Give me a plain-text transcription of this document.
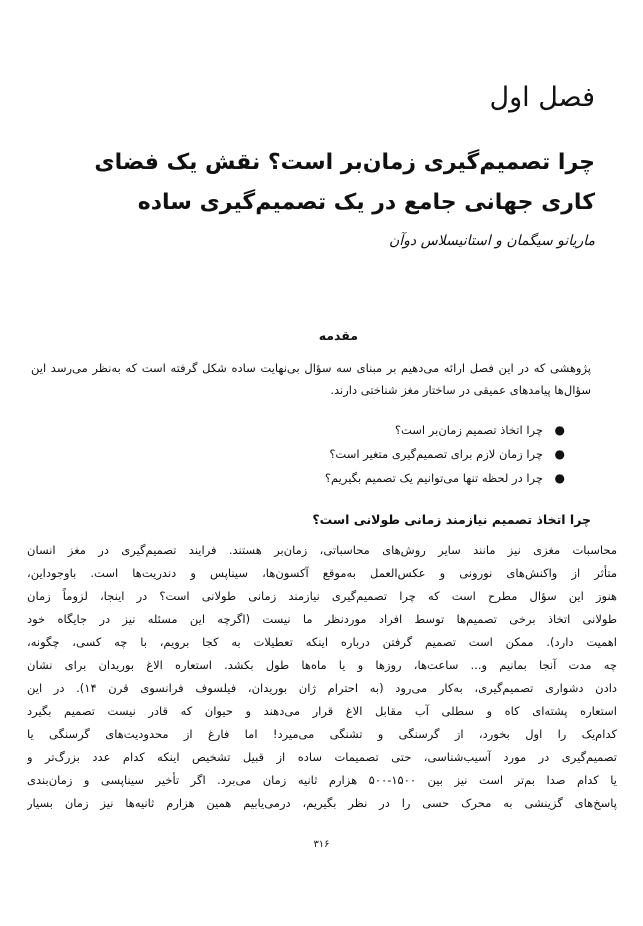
فصل اول
چرا تصمیم‌گیری زمان‌بر است؟ نقش یک فضای کاری جهانی جامع در یک تصمیم‌گیری ساده
ماریانو سیگمان و استانیسلاس دوآن
مقدمه
پژوهشی که در این فصل ارائه می‌دهیم بر مبنای سه سؤال بی‌نهایت ساده شکل گرفته است که به‌نظر می‌رسد این سؤال‌ها پیامدهای عمیقی در ساختار مغز شناختی دارند.
●
چرا اتخاذ تصمیم زمان‌بر است؟
●
چرا زمان لازم برای تصمیم‌گیری متغیر است؟
●
چرا در لحظه تنها می‌توانیم یک تصمیم بگیریم؟
چرا اتخاذ تصمیم نیازمند زمانی طولانی است؟
محاسبات مغزی نیز مانند سایر روش‌های محاسباتی، زمان‌بر هستند. فرایند تصمیم‌گیری در مغز انسان
متأثر از واکنش‌های نورونی و عکس‌العمل به‌موقع آکسون‌ها، سیناپس و دندریت‌ها است. با‌وجوداین،
هنوز این سؤال مطرح است که چرا تصمیم‌گیری نیازمند زمانی طولانی است؟ در اینجا، لزوماً زمان
طولانی اتخاذ برخی تصمیم‌ها توسط افراد موردنظر ما نیست (اگرچه این مسئله نیز در جایگاه خود
اهمیت دارد). ممکن است تصمیم گرفتن درباره اینکه تعطیلات به کجا برویم، با چه کسی، چگونه،
چه مدت آنجا بمانیم و... ساعت‌ها، روزها و یا ماه‌ها طول بکشد. استعاره الاغ بوریدان برای نشان
دادن دشواری تصمیم‌گیری، به‌کار می‌رود (به احترام ژان بوریدان، فیلسوف فرانسوی قرن ۱۴). در این
استعاره پشته‌ای کاه و سطلی آب مقابل الاغ قرار می‌دهند و حیوان که قادر نیست تصمیم بگیرد
کدام‌یک را اول بخورد، از گرسنگی و تشنگی می‌میرد! اما فارغ از محدودیت‌های گرسنگی یا
تصمیم‌گیری در مورد آسیب‌شناسی، حتی تصمیمات ساده از قبیل تشخیص اینکه کدام عدد بزرگ‌تر و
یا کدام صدا بم‌تر است نیز بین ۱۵۰۰-۵۰۰ هزارم ثانیه زمان می‌برد. اگر تأخیر سیناپسی و زمان‌بندی
پاسخ‌های گزینشی به محرک حسی را در نظر بگیریم، درمی‌یابیم همین هزارم ثانیه‌ها نیز زمان بسیار
۳۱۶
